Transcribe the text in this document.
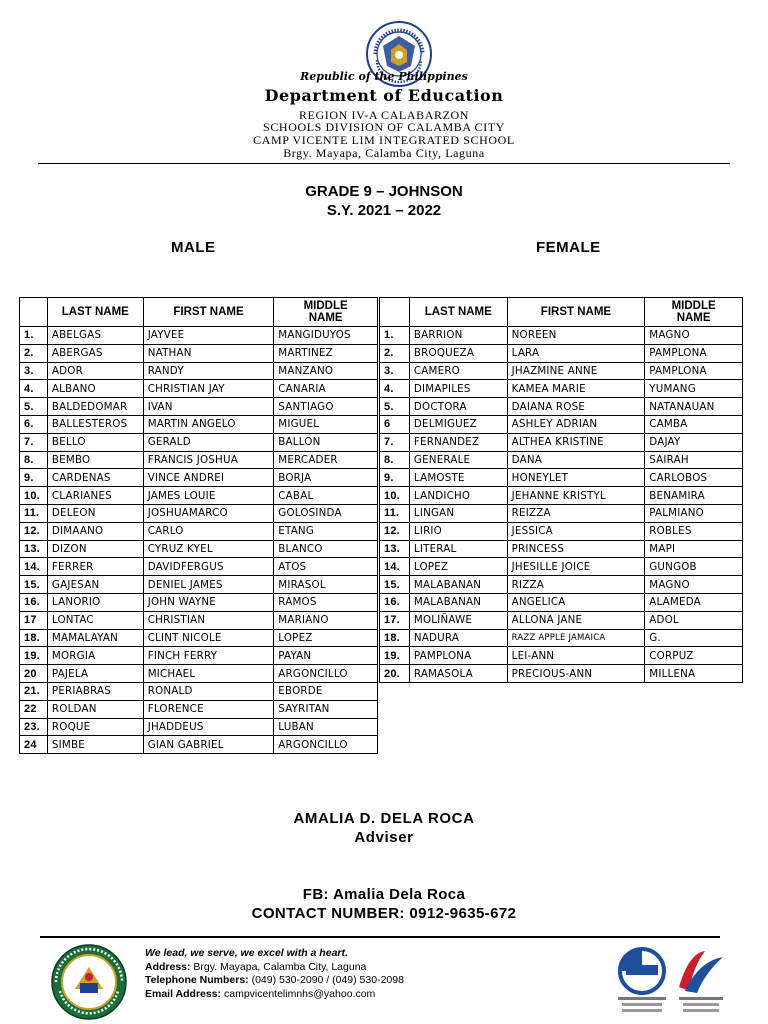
Republic of the Philippines
Department of Education
REGION IV-A CALABARZON
SCHOOLS DIVISION OF CALAMBA CITY
CAMP VICENTE LIM INTEGRATED SCHOOL
Brgy. Mayapa, Calamba City, Laguna
GRADE 9 – JOHNSON
S.Y. 2021 – 2022
MALE	FEMALE
	LAST NAME	FIRST NAME	MIDDLE
NAME
1.	ABELGAS	JAYVEE	MANGIDUYOS
2.	ABERGAS	NATHAN	MARTINEZ
3.	ADOR	RANDY	MANZANO
4.	ALBANO	CHRISTIAN JAY	CANARIA
5.	BALDEDOMAR	IVAN	SANTIAGO
6.	BALLESTEROS	MARTIN ANGELO	MIGUEL
7.	BELLO	GERALD	BALLON
8.	BEMBO	FRANCIS JOSHUA	MERCADER
9.	CARDENAS	VINCE ANDREI	BORJA
10.	CLARIANES	JAMES LOUIE	CABAL
11.	DELEON	JOSHUAMARCO	GOLOSINDA
12.	DIMAANO	CARLO	ETANG
13.	DIZON	CYRUZ KYEL	BLANCO
14.	FERRER	DAVIDFERGUS	ATOS
15.	GAJESAN	DENIEL JAMES	MIRASOL
16.	LANORIO	JOHN WAYNE	RAMOS
17	LONTAC	CHRISTIAN	MARIANO
18.	MAMALAYAN	CLINT NICOLE	LOPEZ
19.	MORGIA	FINCH FERRY	PAYAN
20	PAJELA	MICHAEL	ARGONCILLO
21.	PERIABRAS	RONALD	EBORDE
22	ROLDAN	FLORENCE	SAYRITAN
23.	ROQUE	JHADDEUS	LUBAN
24	SIMBE	GIAN GABRIEL	ARGONCILLO
	LAST NAME	FIRST NAME	MIDDLE
NAME
1.	BARRION	NOREEN	MAGNO
2.	BROQUEZA	LARA	PAMPLONA
3.	CAMERO	JHAZMINE ANNE	PAMPLONA
4.	DIMAPILES	KAMEA MARIE	YUMANG
5.	DOCTORA	DAIANA ROSE	NATANAUAN
6	DELMIGUEZ	ASHLEY ADRIAN	CAMBA
7.	FERNANDEZ	ALTHEA KRISTINE	DAJAY
8.	GENERALE	DANA	SAIRAH
9.	LAMOSTE	HONEYLET	CARLOBOS
10.	LANDICHO	JEHANNE KRISTYL	BENAMIRA
11.	LINGAN	REIZZA	PALMIANO
12.	LIRIO	JESSICA	ROBLES
13.	LITERAL	PRINCESS	MAPI
14.	LOPEZ	JHESILLE JOICE	GUNGOB
15.	MALABANAN	RIZZA	MAGNO
16.	MALABANAN	ANGELICA	ALAMEDA
17.	MOLIÑAWE	ALLONA JANE	ADOL
18.	NADURA	RAZZ APPLE JAMAICA	G.
19.	PAMPLONA	LEI-ANN	CORPUZ
20.	RAMASOLA	PRECIOUS-ANN	MILLENA
AMALIA D. DELA ROCA
Adviser
FB: Amalia Dela Roca
CONTACT NUMBER: 0912-9635-672
We lead, we serve, we excel with a heart.
Address: Brgy. Mayapa, Calamba City, Laguna
Telephone Numbers: (049) 530-2090 / (049) 530-2098
Email Address: campvicentelimnhs@yahoo.com
